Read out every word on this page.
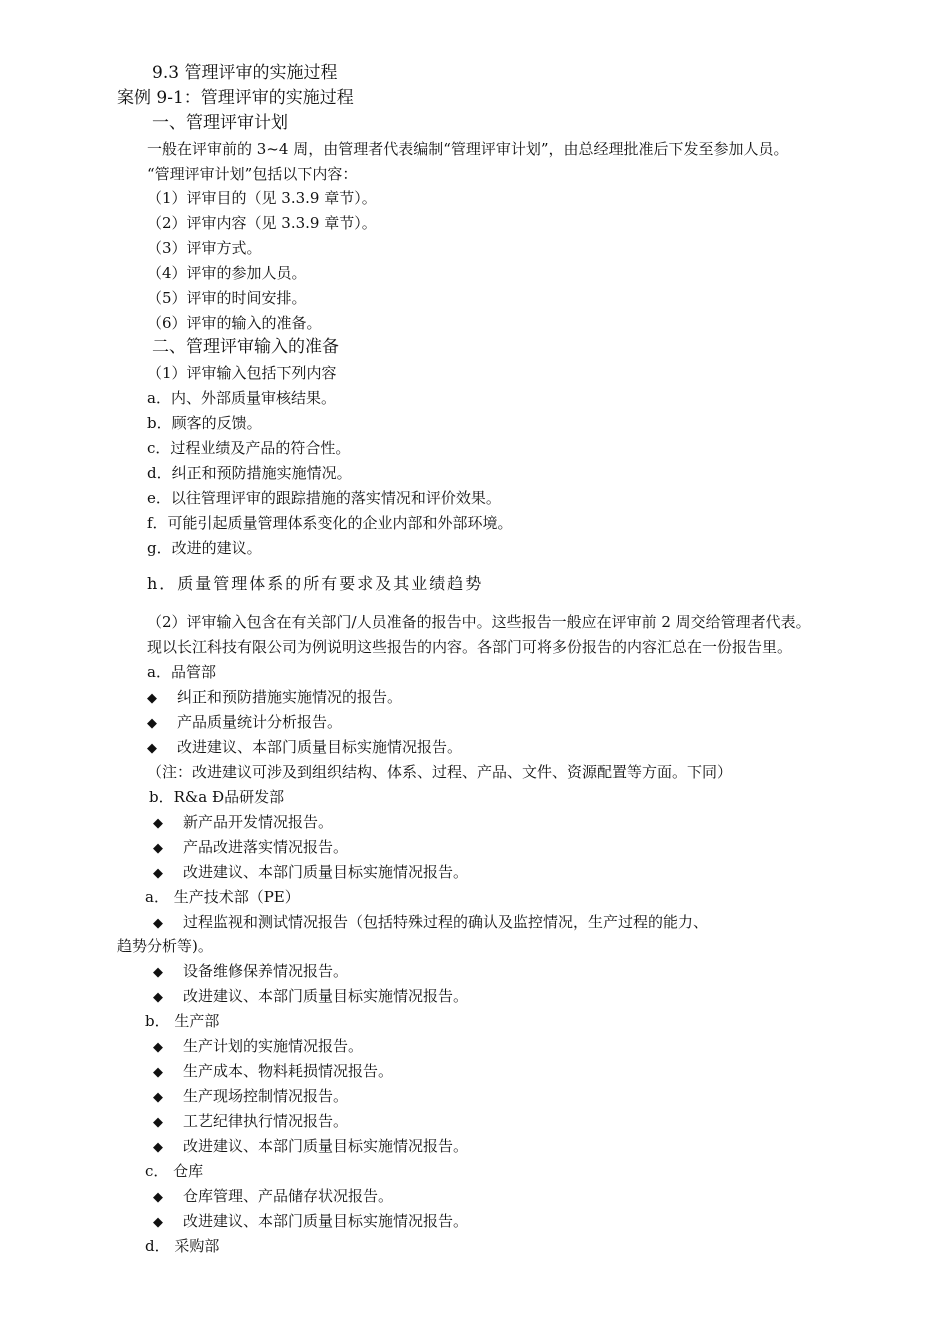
9.3 管理评审的实施过程
案例 9-1：管理评审的实施过程
一、管理评审计划
一般在评审前的 3~4 周，由管理者代表编制“管理评审计划”，由总经理批准后下发至参加人员。
“管理评审计划”包括以下内容：
（1）评审目的（见 3.3.9 章节）。
（2）评审内容（见 3.3.9 章节）。
（3）评审方式。
（4）评审的参加人员。
（5）评审的时间安排。
（6）评审的输入的准备。
二、管理评审输入的准备
（1）评审输入包括下列内容
a．内、外部质量审核结果。
b．顾客的反馈。
c．过程业绩及产品的符合性。
d．纠正和预防措施实施情况。
e．以往管理评审的跟踪措施的落实情况和评价效果。
f．可能引起质量管理体系变化的企业内部和外部环境。
g．改进的建议。
h．质量管理体系的所有要求及其业绩趋势
（2）评审输入包含在有关部门/人员准备的报告中。这些报告一般应在评审前 2 周交给管理者代表。
现以长江科技有限公司为例说明这些报告的内容。各部门可将多份报告的内容汇总在一份报告里。
a．品管部
◆ 纠正和预防措施实施情况的报告。
◆ 产品质量统计分析报告。
◆ 改进建议、本部门质量目标实施情况报告。
（注：改进建议可涉及到组织结构、体系、过程、产品、文件、资源配置等方面。下同）
b．R&a Ɖ品研发部
◆ 新产品开发情况报告。
◆ 产品改进落实情况报告。
◆ 改进建议、本部门质量目标实施情况报告。
a． 生产技术部（PE）
◆ 过程监视和测试情况报告（包括特殊过程的确认及监控情况，生产过程的能力、
趋势分析等)。
◆ 设备维修保养情况报告。
◆ 改进建议、本部门质量目标实施情况报告。
b． 生产部
◆ 生产计划的实施情况报告。
◆ 生产成本、物料耗损情况报告。
◆ 生产现场控制情况报告。
◆ 工艺纪律执行情况报告。
◆ 改进建议、本部门质量目标实施情况报告。
c． 仓库
◆ 仓库管理、产品储存状况报告。
◆ 改进建议、本部门质量目标实施情况报告。
d． 采购部
